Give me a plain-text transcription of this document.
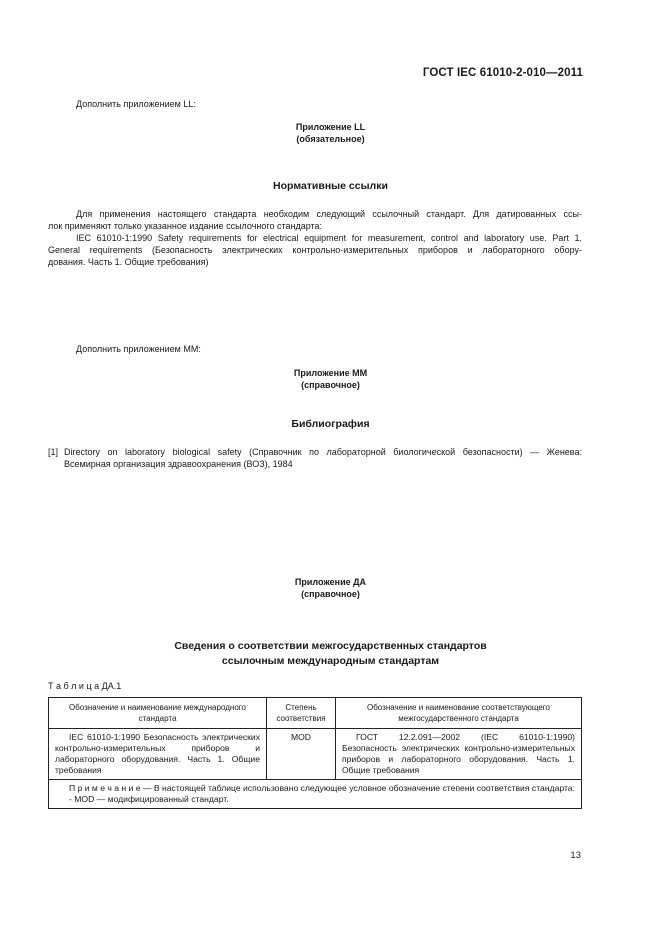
ГОСТ IEC 61010-2-010—2011
Дополнить приложением LL:
Приложение LL
(обязательное)
Нормативные ссылки
Для применения настоящего стандарта необходим следующий ссылочный стандарт. Для датированных ссы-
лок применяют только указанное издание ссылочного стандарта:
IEC 61010-1:1990 Safety requirements for electrical equipment for measurement, control and laboratory use. Part 1.
General requirements (Безопасность электрических контрольно-измерительных приборов и лабораторного обору-
дования. Часть 1. Общие требования)
Дополнить приложением ММ:
Приложение ММ
(справочное)
Библиография
[1] Directory on laboratory biological safety (Справочник по лабораторной биологической безопасности) — Женева:
Всемирная организация здравоохранения (ВОЗ), 1984
Приложение ДА
(справочное)
Сведения о соответствии межгосударственных стандартов
ссылочным международным стандартам
Т а б л и ц а ДА.1
Обозначение и наименование международного стандарта	Степень соответствия	Обозначение и наименование соответствующего межгосударственного стандарта
IEC 61010-1:1990 Безопасность электрических контрольно-измерительных приборов и лабораторного оборудования. Часть 1. Общие требования	MOD	ГОСТ 12.2.091—2002 (IEC 61010-1:1990) Безопасность электрических контрольно-измерительных приборов и лабораторного оборудования. Часть 1. Общие требования

П р и м е ч а н и е — В настоящей таблице использовано следующее условное обозначение степени соответствия стандарта:
- MOD — модифицированный стандарт.		
13
